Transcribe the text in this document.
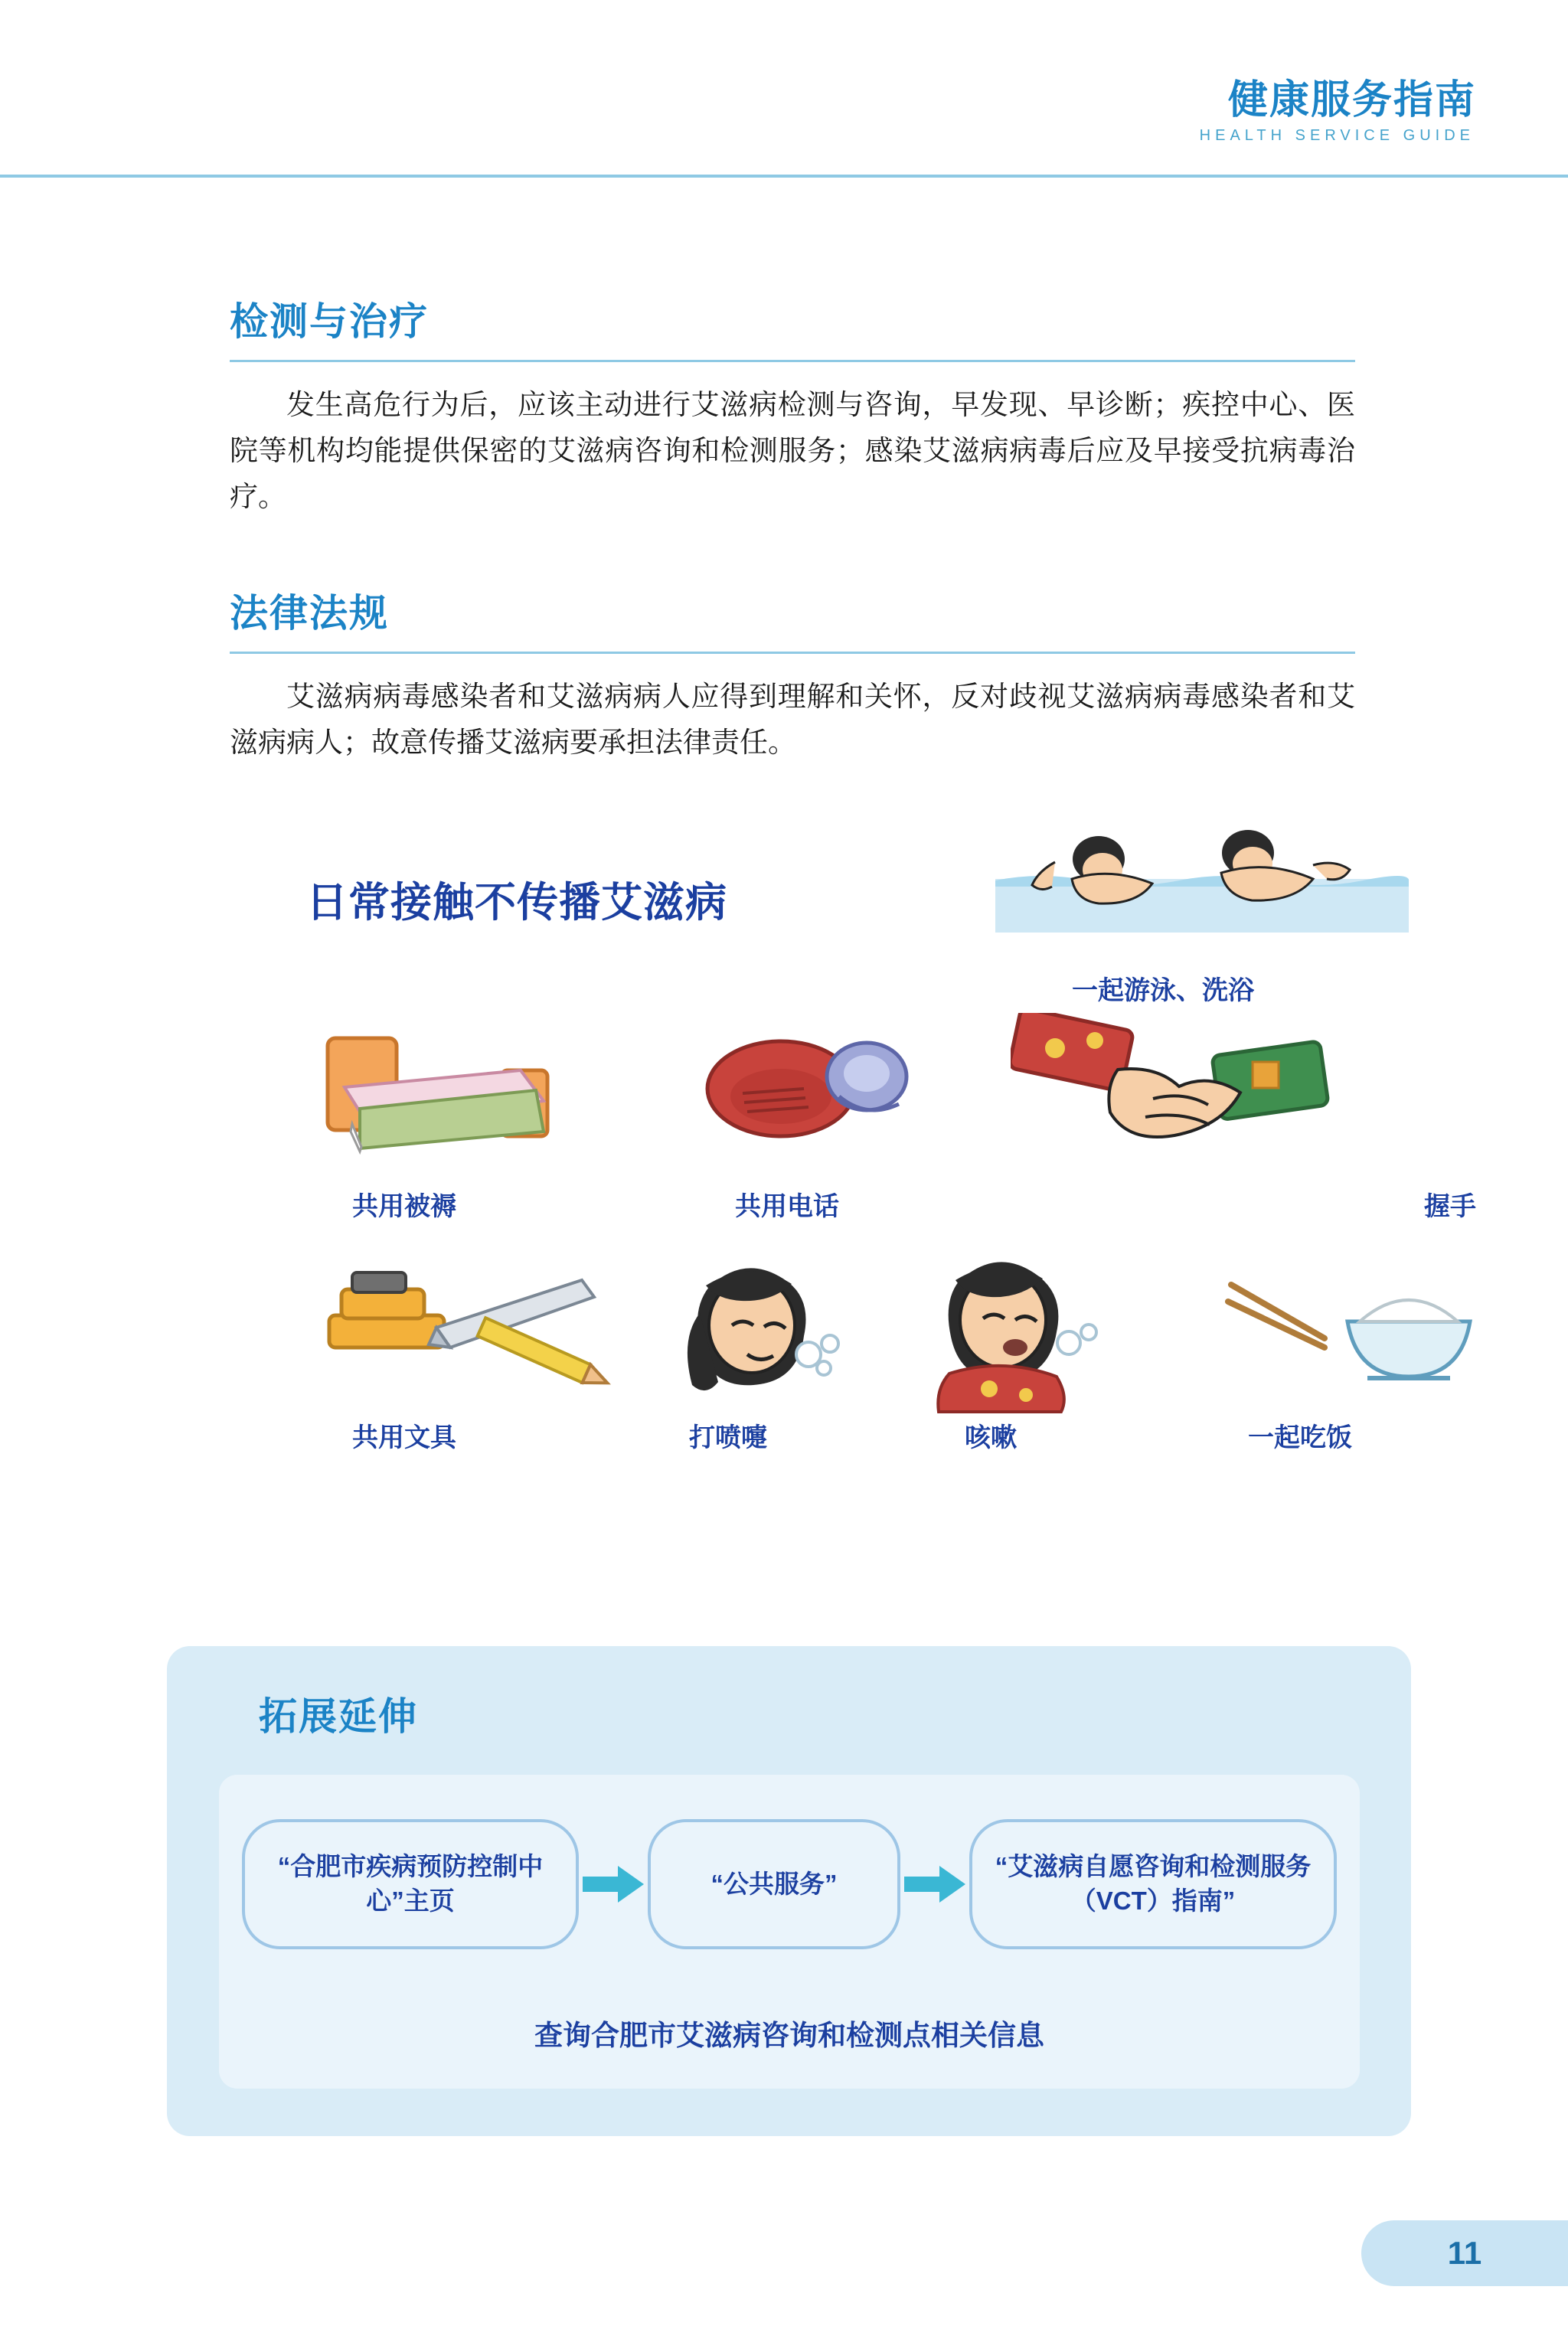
健康服务指南
HEALTH SERVICE GUIDE
检测与治疗

发生高危行为后，应该主动进行艾滋病检测与咨询，早发现、早诊断；疾控中心、医院等机构均能提供保密的艾滋病咨询和检测服务；感染艾滋病病毒后应及早接受抗病毒治疗。

法律法规

艾滋病病毒感染者和艾滋病病人应得到理解和关怀，反对歧视艾滋病病毒感染者和艾滋病病人；故意传播艾滋病要承担法律责任。

日常接触不传播艾滋病
一起游泳、洗浴
共用被褥	共用电话	握手
共用文具	打喷嚏	咳嗽	一起吃饭
拓展延伸
“合肥市疾病预防控制中心”主页
“公共服务”
“艾滋病自愿咨询和检测服务（VCT）指南”
查询合肥市艾滋病咨询和检测点相关信息
11
